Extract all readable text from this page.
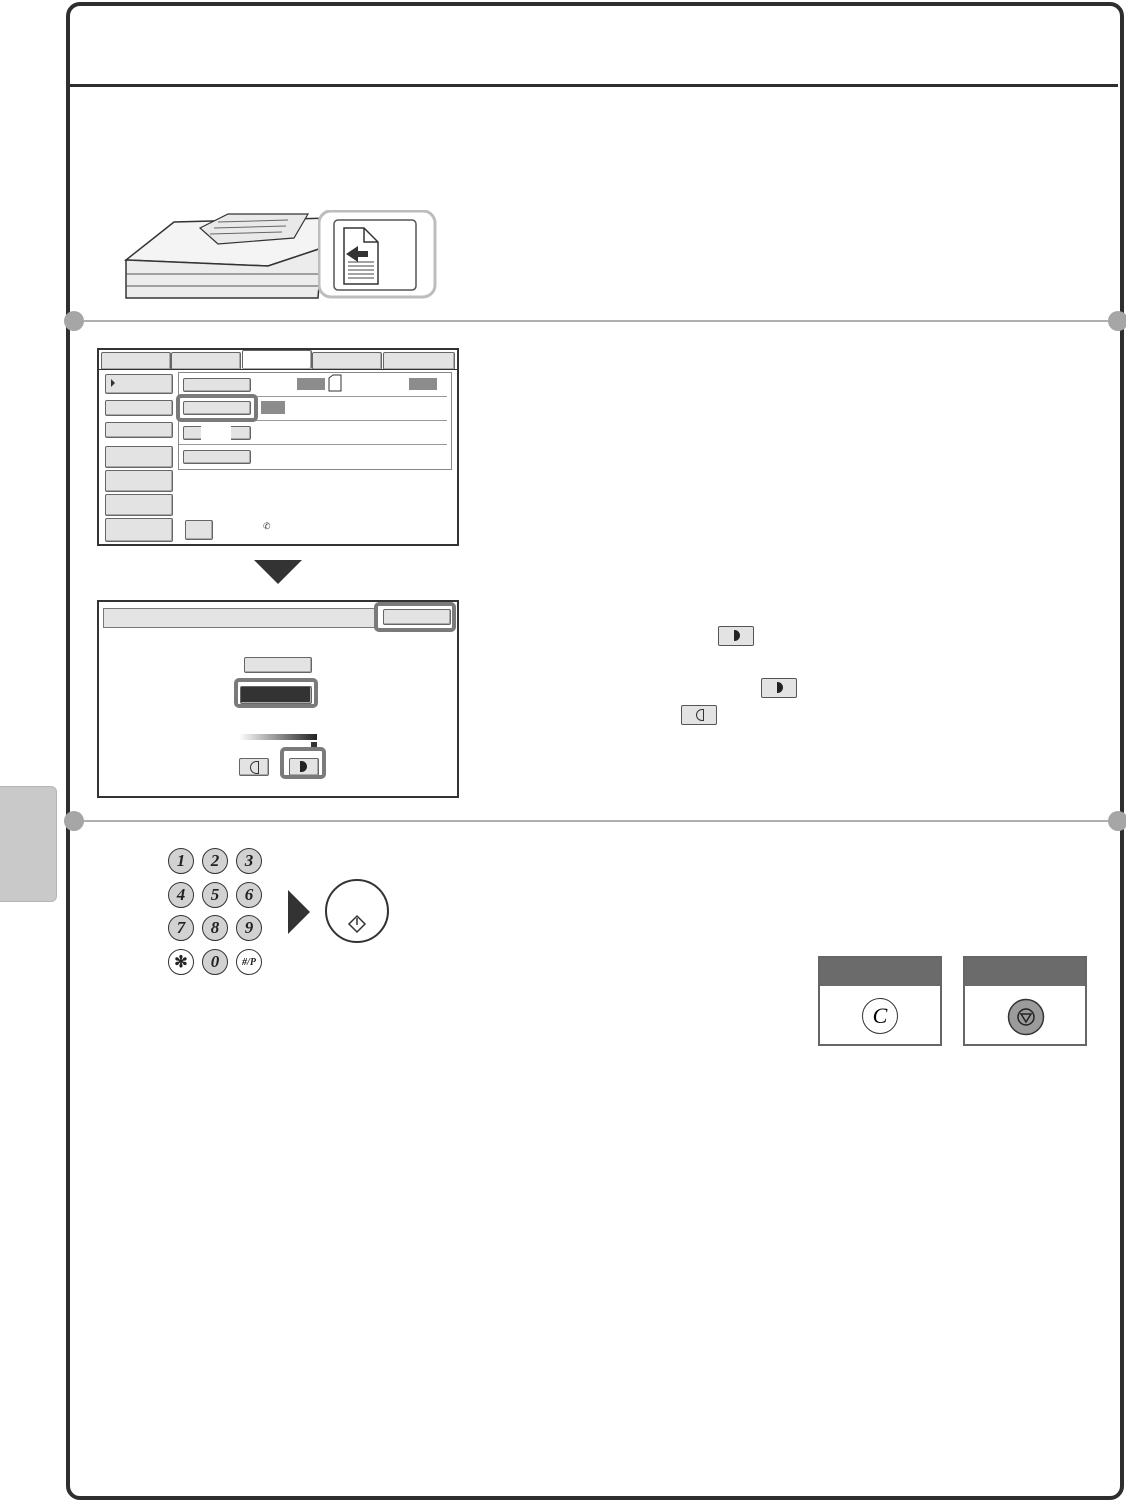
✆
1	2	3
4	5	6
7	8	9
✻	0	#/P
C
